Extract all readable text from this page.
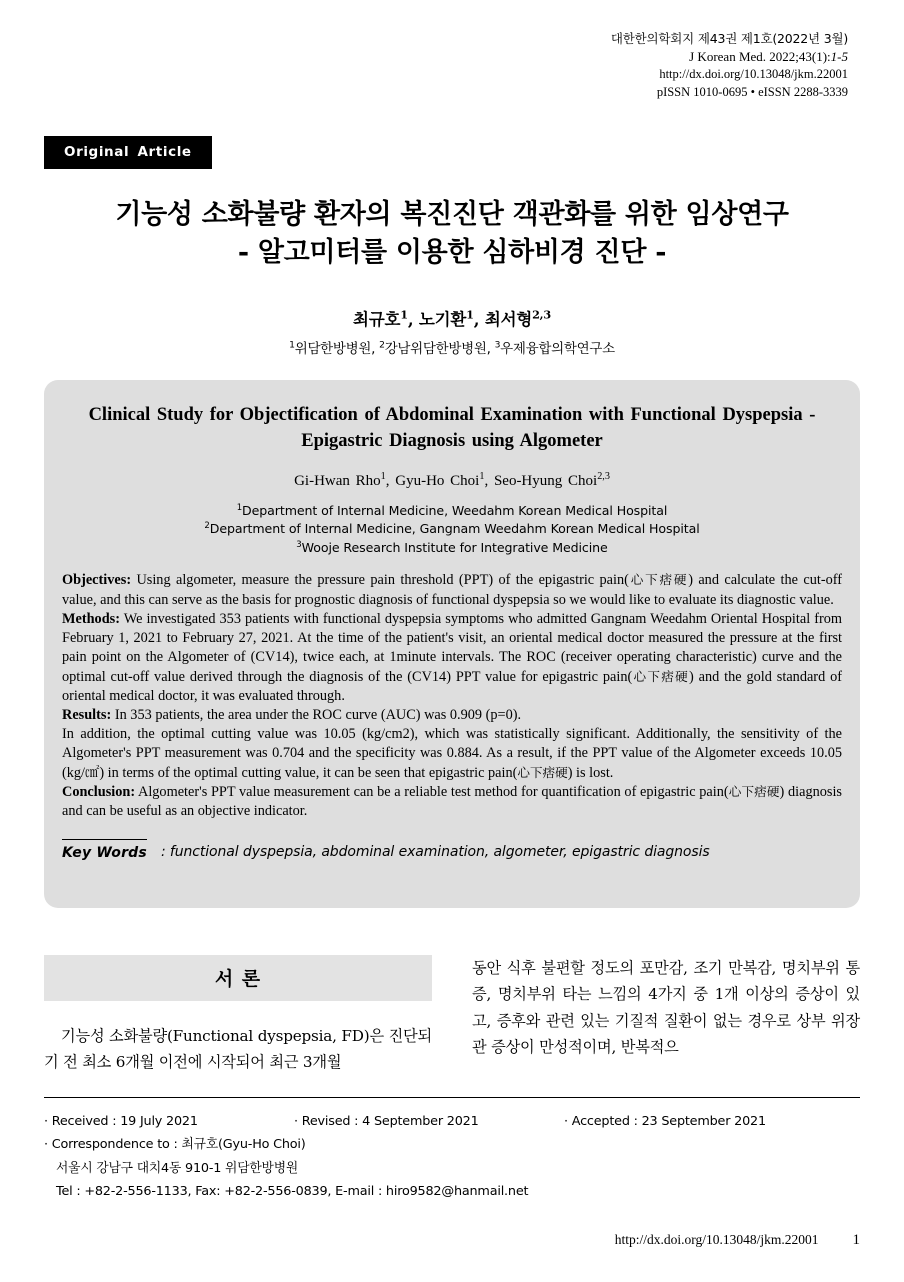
대한한의학회지 제43권 제1호(2022년 3월)
J Korean Med. 2022;43(1):1-5
http://dx.doi.org/10.13048/jkm.22001
pISSN 1010-0695 • eISSN 2288-3339
Original Article
기능성 소화불량 환자의 복진진단 객관화를 위한 임상연구
- 알고미터를 이용한 심하비경 진단 -
최규호$^1$, 노기환$^1$, 최서형$^{2,3}$
$^1$위담한방병원, $^2$강남위담한방병원, $^3$우제융합의학연구소
Clinical Study for Objectification of Abdominal Examination with Functional Dyspepsia - Epigastric Diagnosis using Algometer
Gi-Hwan Rho$^1$, Gyu-Ho Choi$^1$, Seo-Hyung Choi$^{2,3}$
$^1$Department of Internal Medicine, Weedahm Korean Medical Hospital
$^2$Department of Internal Medicine, Gangnam Weedahm Korean Medical Hospital
$^3$Wooje Research Institute for Integrative Medicine

Objectives: Using algometer, measure the pressure pain threshold (PPT) of the epigastric pain(心下痞硬) and calculate the cut-off value, and this can serve as the basis for prognostic diagnosis of functional dyspepsia so we would like to evaluate its diagnostic value.

Methods: We investigated 353 patients with functional dyspepsia symptoms who admitted Gangnam Weedahm Oriental Hospital from February 1, 2021 to February 27, 2021. At the time of the patient's visit, an oriental medical doctor measured the pressure at the first pain point on the Algometer of (CV14), twice each, at 1minute intervals. The ROC (receiver operating characteristic) curve and the optimal cut-off value derived through the diagnosis of the (CV14) PPT value for epigastric pain(心下痞硬) and the gold standard of oriental medical doctor, it was evaluated through.

Results: In 353 patients, the area under the ROC curve (AUC) was 0.909 (p=0).

In addition, the optimal cutting value was 10.05 (kg/cm2), which was statistically significant. Additionally, the sensitivity of the Algometer's PPT measurement was 0.704 and the specificity was 0.884. As a result, if the PPT value of the Algometer exceeds 10.05 (kg/㎠) in terms of the optimal cutting value, it can be seen that epigastric pain(心下痞硬) is lost.

Conclusion: Algometer's PPT value measurement can be a reliable test method for quantification of epigastric pain(心下痞硬) diagnosis and can be useful as an objective indicator.

Key Words : functional dyspepsia, abdominal examination, algometer, epigastric diagnosis
서 론

기능성 소화불량(Functional dyspepsia, FD)은 진단되기 전 최소 6개월 이전에 시작되어 최근 3개월

동안 식후 불편할 정도의 포만감, 조기 만복감, 명치부위 통증, 명치부위 타는 느낌의 4가지 중 1개 이상의 증상이 있고, 증후와 관련 있는 기질적 질환이 없는 경우로 상부 위장관 증상이 만성적이며, 반복적으

· Received : 19 July 2021	· Revised : 4 September 2021	· Accepted : 23 September 2021
· Correspondence to : 최규호(Gyu-Ho Choi)
서울시 강남구 대치4동 910-1 위담한방병원
Tel : +82-2-556-1133, Fax: +82-2-556-0839, E-mail : hiro9582@hanmail.net
http://dx.doi.org/10.13048/jkm.22001 1
